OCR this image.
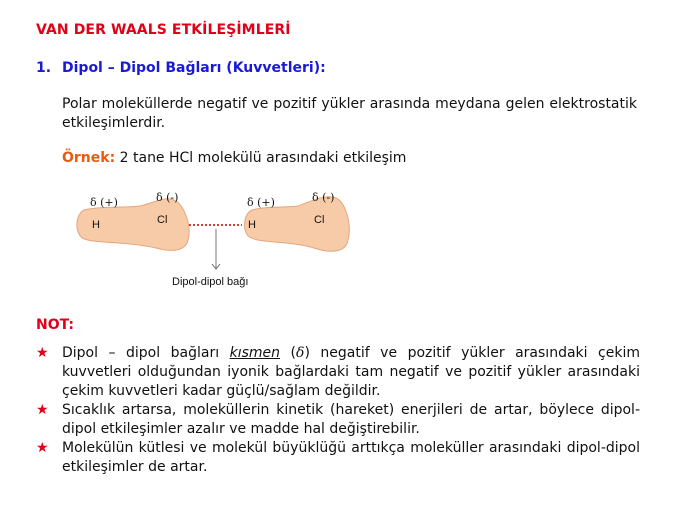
VAN DER WAALS ETKİLEŞİMLERİ
1. Dipol – Dipol Bağları (Kuvvetleri):
Polar moleküllerde negatif ve pozitif yükler arasında meydana gelen elektrostatik etkileşimlerdir.
Örnek: 2 tane HCl molekülü arasındaki etkileşim
δ (+)	δ (-)
H	Cl
δ (+)	δ (-)
H	Cl
Dipol-dipol bağı
NOT:
★ Dipol – dipol bağları kısmen (δ) negatif ve pozitif yükler arasındaki çekim kuvvetleri olduğundan iyonik bağlardaki tam negatif ve pozitif yükler arasındaki çekim kuvvetleri kadar güçlü/sağlam değildir.
★ Sıcaklık artarsa, moleküllerin kinetik (hareket) enerjileri de artar, böylece dipol-dipol etkileşimler azalır ve madde hal değiştirebilir.
★ Molekülün kütlesi ve molekül büyüklüğü arttıkça moleküller arasındaki dipol-dipol etkileşimler de artar.
